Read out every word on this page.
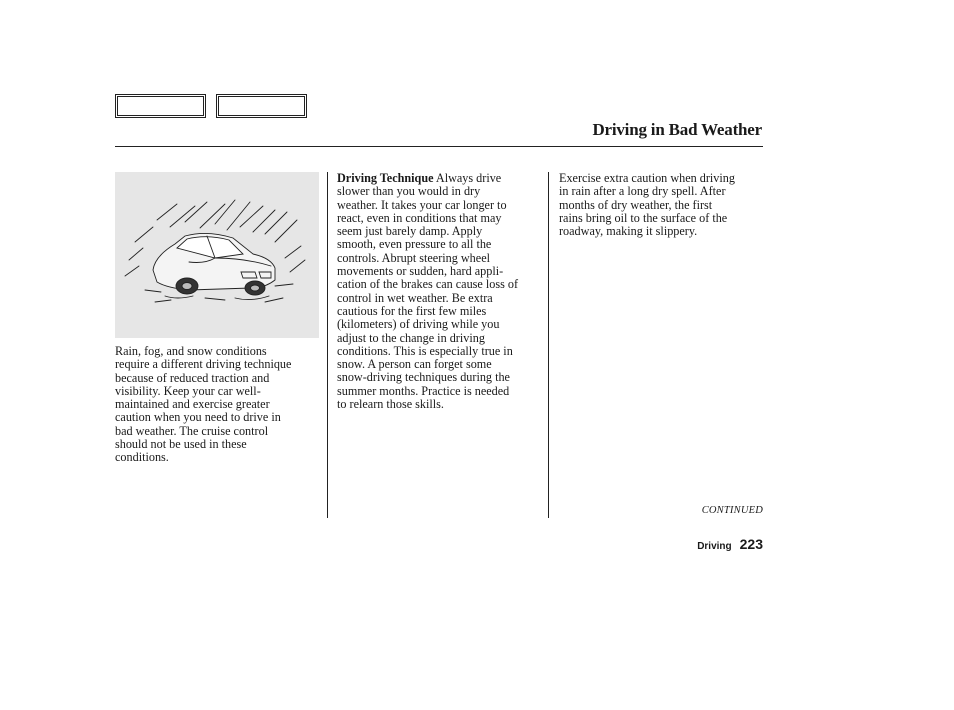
Driving in Bad Weather

Rain, fog, and snow conditions
require a different driving technique
because of reduced traction and
visibility. Keep your car well-
maintained and exercise greater
caution when you need to drive in
bad weather. The cruise control
should not be used in these
conditions.

Driving Technique Always drive
slower than you would in dry
weather. It takes your car longer to
react, even in conditions that may
seem just barely damp. Apply
smooth, even pressure to all the
controls. Abrupt steering wheel
movements or sudden, hard appli-
cation of the brakes can cause loss of
control in wet weather. Be extra
cautious for the first few miles
(kilometers) of driving while you
adjust to the change in driving
conditions. This is especially true in
snow. A person can forget some
snow-driving techniques during the
summer months. Practice is needed
to relearn those skills.

Exercise extra caution when driving
in rain after a long dry spell. After
months of dry weather, the first
rains bring oil to the surface of the
roadway, making it slippery.

CONTINUED
Driving 223
